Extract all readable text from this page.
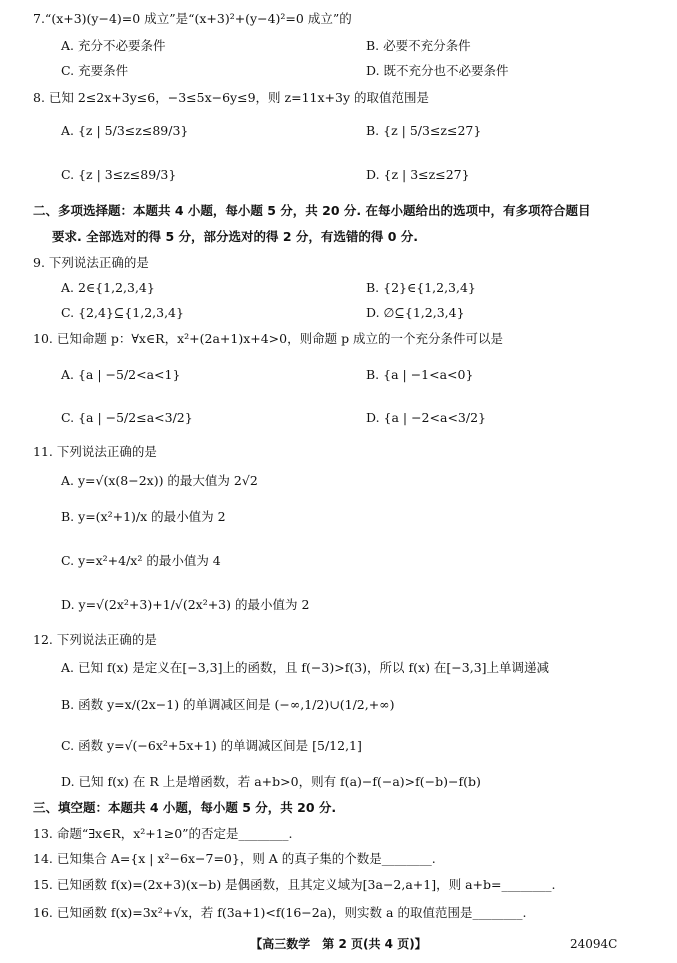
7.“(x+3)(y−4)=0 成立”是“(x+3)²+(y−4)²=0 成立”的
A. 充分不必要条件	B. 必要不充分条件
C. 充要条件	D. 既不充分也不必要条件
8. 已知 2≤2x+3y≤6，−3≤5x−6y≤9，则 z=11x+3y 的取值范围是
A. {z | 5/3≤z≤89/3}	B. {z | 5/3≤z≤27}
C. {z | 3≤z≤89/3}	D. {z | 3≤z≤27}
二、多项选择题：本题共 4 小题，每小题 5 分，共 20 分. 在每小题给出的选项中，有多项符合题目
要求. 全部选对的得 5 分，部分选对的得 2 分，有选错的得 0 分.
9. 下列说法正确的是
A. 2∈{1,2,3,4}	B. {2}∈{1,2,3,4}
C. {2,4}⊆{1,2,3,4}	D. ∅⊆{1,2,3,4}
10. 已知命题 p：∀x∈R，x²+(2a+1)x+4>0，则命题 p 成立的一个充分条件可以是
A. {a | −5/2<a<1}	B. {a | −1<a<0}
C. {a | −5/2≤a<3/2}	D. {a | −2<a<3/2}
11. 下列说法正确的是
A. y=√(x(8−2x)) 的最大值为 2√2
B. y=(x²+1)/x 的最小值为 2
C. y=x²+4/x² 的最小值为 4
D. y=√(2x²+3)+1/√(2x²+3) 的最小值为 2
12. 下列说法正确的是
A. 已知 f(x) 是定义在[−3,3]上的函数，且 f(−3)>f(3)，所以 f(x) 在[−3,3]上单调递减
B. 函数 y=x/(2x−1) 的单调减区间是 (−∞,1/2)∪(1/2,+∞)
C. 函数 y=√(−6x²+5x+1) 的单调减区间是 [5/12,1]
D. 已知 f(x) 在 R 上是增函数，若 a+b>0，则有 f(a)−f(−a)>f(−b)−f(b)
三、填空题：本题共 4 小题，每小题 5 分，共 20 分.
13. 命题“∃x∈R，x²+1≥0”的否定是________.
14. 已知集合 A={x | x²−6x−7=0}，则 A 的真子集的个数是________.
15. 已知函数 f(x)=(2x+3)(x−b) 是偶函数，且其定义域为[3a−2,a+1]，则 a+b=________.
16. 已知函数 f(x)=3x²+√x，若 f(3a+1)<f(16−2a)，则实数 a 的取值范围是________.
【高三数学　第 2 页(共 4 页)】	24094C
